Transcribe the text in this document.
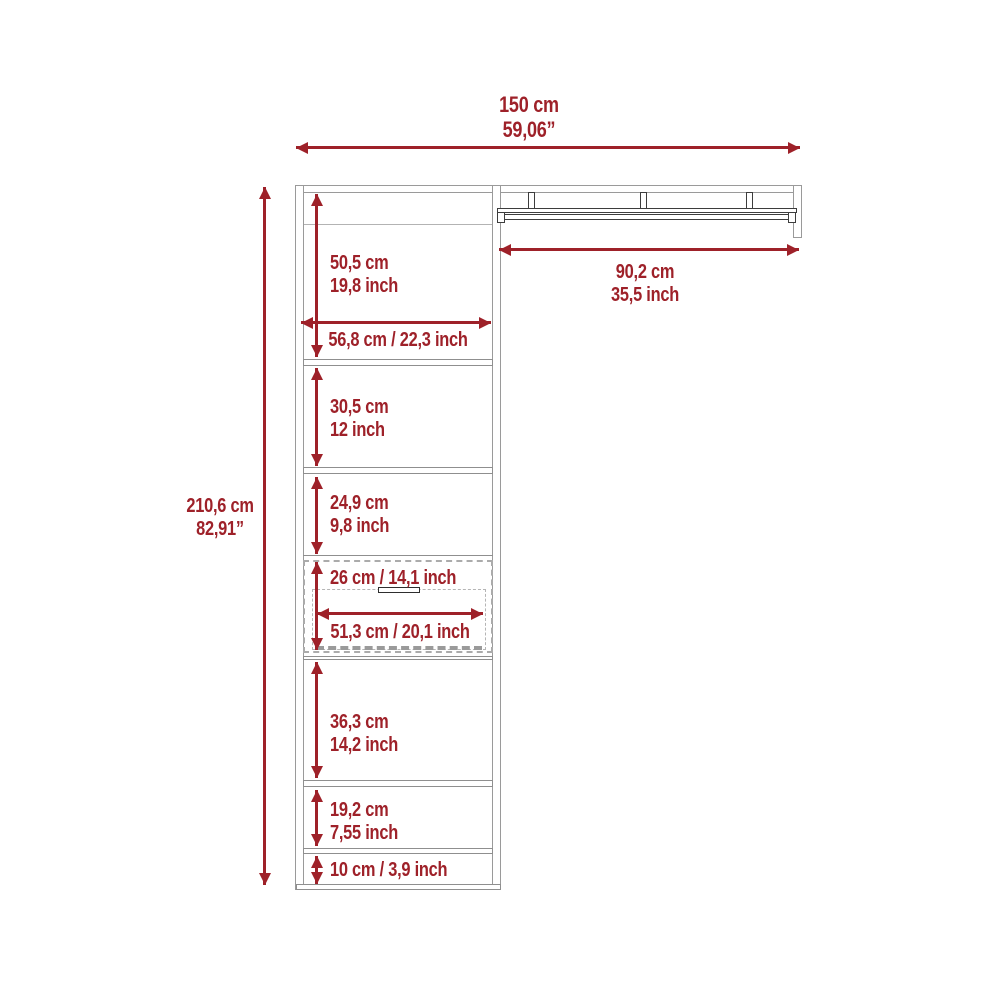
150 cm
59,06”
210,6 cm
82,91”
50,5 cm
19,8 inch
56,8 cm / 22,3 inch
90,2 cm
35,5 inch
30,5 cm
12 inch
24,9 cm
9,8 inch
26 cm / 14,1 inch
51,3 cm / 20,1 inch
36,3 cm
14,2 inch
19,2 cm
7,55 inch
10 cm / 3,9 inch
